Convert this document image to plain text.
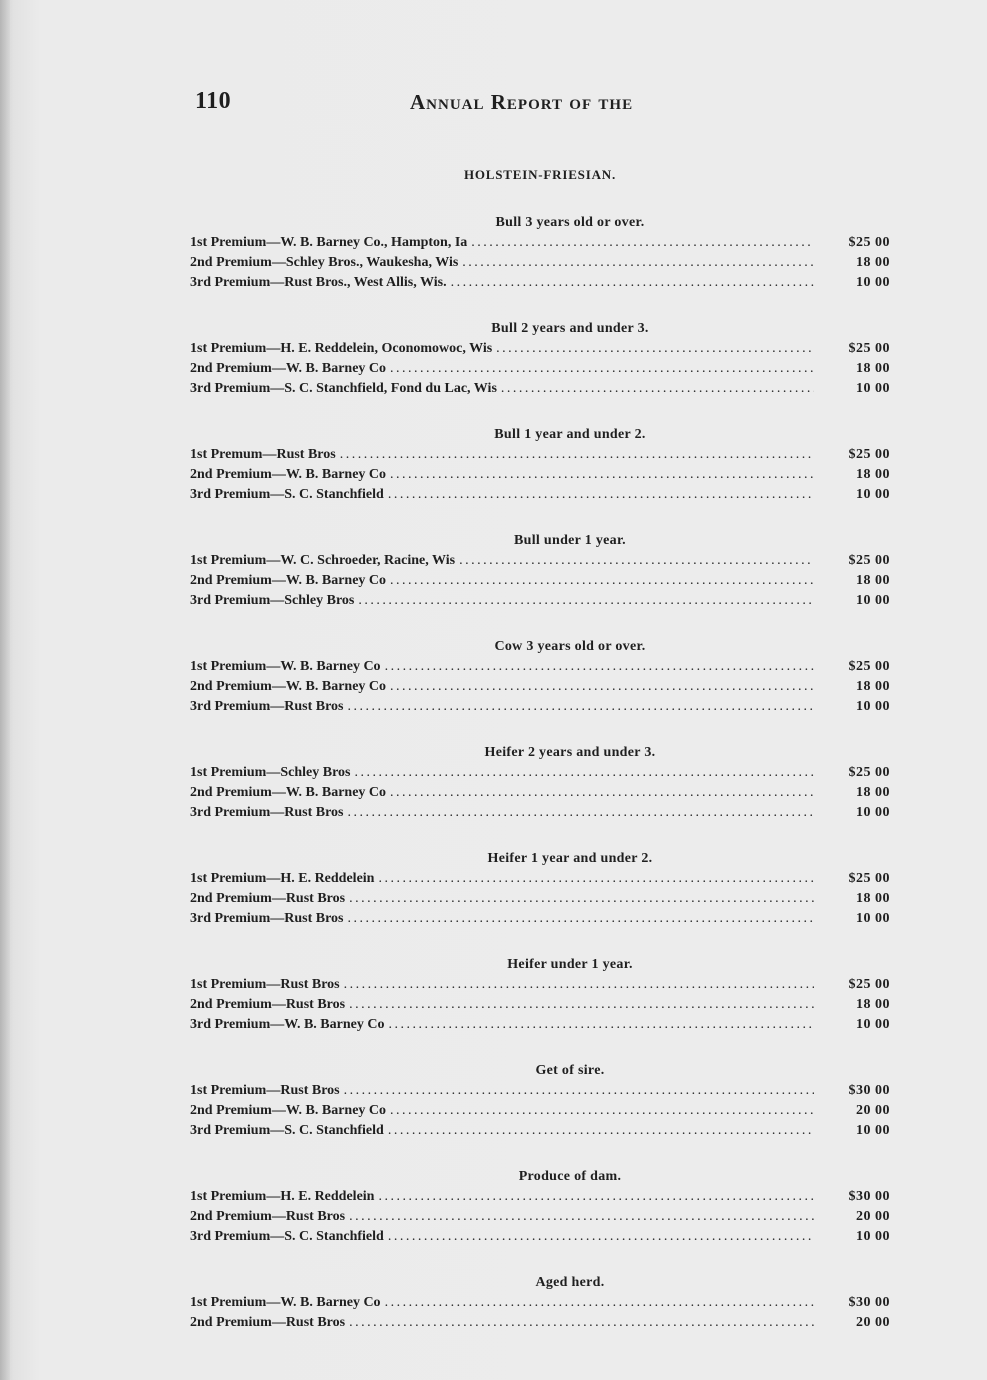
110	Annual Report of the
HOLSTEIN-FRIESIAN.
Bull 3 years old or over.
1st Premium — W. B. Barney Co., Hampton, Ia .....	$25 00
2nd Premium — Schley Bros., Waukesha, Wis .....	18 00
3rd Premium — Rust Bros., West Allis, Wis. .....	10 00
Bull 2 years and under 3.
1st Premium — H. E. Reddelein, Oconomowoc, Wis .....	$25 00
2nd Premium — W. B. Barney Co .....	18 00
3rd Premium — S. C. Stanchfield, Fond du Lac, Wis .....	10 00
Bull 1 year and under 2.
1st Premum — Rust Bros .....	$25 00
2nd Premium — W. B. Barney Co .....	18 00
3rd Premium — S. C. Stanchfield .....	10 00
Bull under 1 year.
1st Premium — W. C. Schroeder, Racine, Wis .....	$25 00
2nd Premium — W. B. Barney Co .....	18 00
3rd Premium — Schley Bros .....	10 00
Cow 3 years old or over.
1st Premium — W. B. Barney Co .....	$25 00
2nd Premium — W. B. Barney Co .....	18 00
3rd Premium — Rust Bros .....	10 00
Heifer 2 years and under 3.
1st Premium — Schley Bros .....	$25 00
2nd Premium — W. B. Barney Co .....	18 00
3rd Premium — Rust Bros .....	10 00
Heifer 1 year and under 2.
1st Premium — H. E. Reddelein .....	$25 00
2nd Premium — Rust Bros .....	18 00
3rd Premium — Rust Bros .....	10 00
Heifer under 1 year.
1st Premium — Rust Bros .....	$25 00
2nd Premium — Rust Bros .....	18 00
3rd Premium — W. B. Barney Co .....	10 00
Get of sire.
1st Premium — Rust Bros .....	$30 00
2nd Premium — W. B. Barney Co .....	20 00
3rd Premium — S. C. Stanchfield .....	10 00
Produce of dam.
1st Premium — H. E. Reddelein .....	$30 00
2nd Premium — Rust Bros .....	20 00
3rd Premium — S. C. Stanchfield .....	10 00
Aged herd.
1st Premium — W. B. Barney Co .....	$30 00
2nd Premium — Rust Bros .....	20 00
